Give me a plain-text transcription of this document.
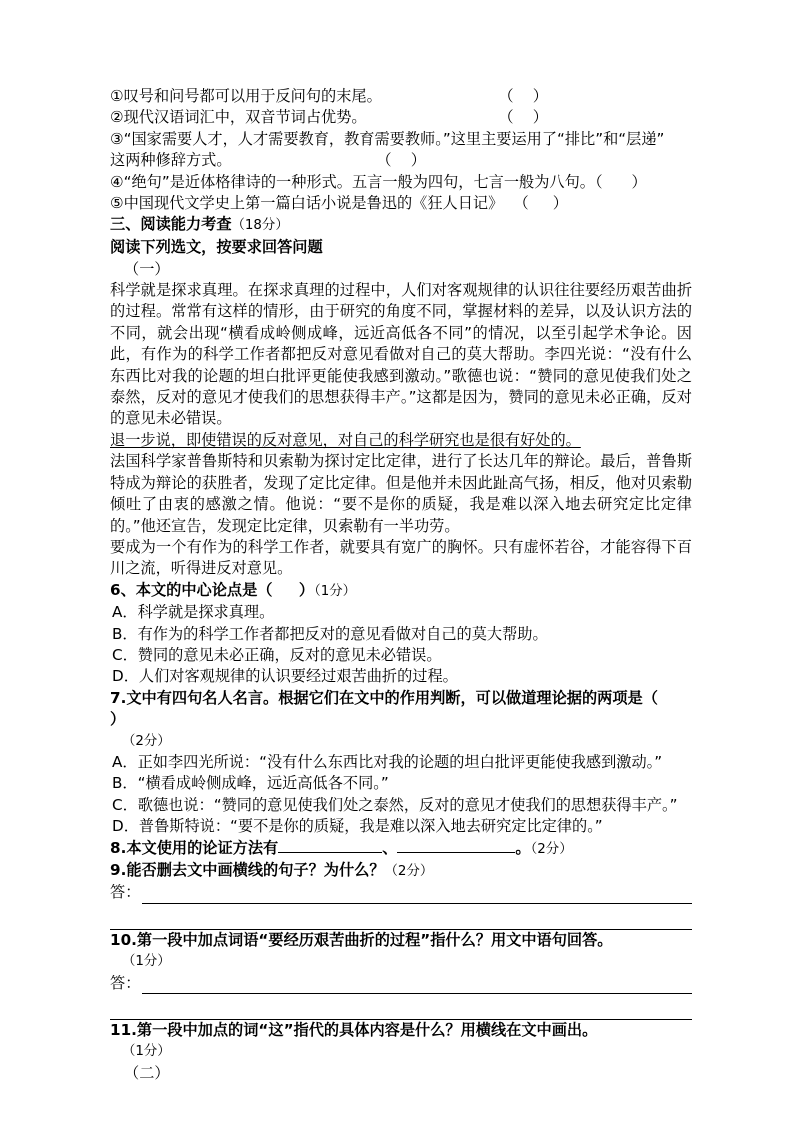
①叹号和问号都可以用于反问句的末尾。	（    ）
②现代汉语词汇中，双音节词占优势。	（    ）
③“国家需要人才，人才需要教育，教育需要教师。”这里主要运用了“排比”和“层递”
这两种修辞方式。	（    ）
④“绝句”是近体格律诗的一种形式。五言一般为四句，七言一般为八句。（      ）
⑤中国现代文学史上第一篇白话小说是鲁迅的《狂人日记》 （     ）
三、阅读能力考查（18分）
阅读下列选文，按要求回答问题
（一）
科学就是探求真理。在探求真理的过程中，人们对客观规律的认识往往要经历艰苦曲折的过程。常常有这样的情形，由于研究的角度不同，掌握材料的差异，以及认识方法的不同，就会出现“横看成岭侧成峰，远近高低各不同”的情况，以至引起学术争论。因此，有作为的科学工作者都把反对意见看做对自己的莫大帮助。李四光说：“没有什么东西比对我的论题的坦白批评更能使我感到激动。”歌德也说：“赞同的意见使我们处之泰然，反对的意见才使我们的思想获得丰产。”这都是因为，赞同的意见未必正确，反对的意见未必错误。
退一步说，即使错误的反对意见，对自己的科学研究也是很有好处的。
法国科学家普鲁斯特和贝索勒为探讨定比定律，进行了长达几年的辩论。最后，普鲁斯特成为辩论的获胜者，发现了定比定律。但是他并未因此趾高气扬，相反，他对贝索勒倾吐了由衷的感激之情。他说：“要不是你的质疑，我是难以深入地去研究定比定律的。”他还宣告，发现定比定律，贝索勒有一半功劳。
要成为一个有作为的科学工作者，就要具有宽广的胸怀。只有虚怀若谷，才能容得下百川之流，听得进反对意见。
6、本文的中心论点是（     ）（1分）
A．科学就是探求真理。
B．有作为的科学工作者都把反对的意见看做对自己的莫大帮助。
C．赞同的意见未必正确，反对的意见未必错误。
D．人们对客观规律的认识要经过艰苦曲折的过程。
7.文中有四句名人名言。根据它们在文中的作用判断，可以做道理论据的两项是（        ）
（2分）
A．正如李四光所说：“没有什么东西比对我的论题的坦白批评更能使我感到激动。”
B．“横看成岭侧成峰，远近高低各不同。”
C．歌德也说：“赞同的意见使我们处之泰然，反对的意见才使我们的思想获得丰产。”
D．普鲁斯特说：“要不是你的质疑，我是难以深入地去研究定比定律的。”
8.本文使用的论证方法有	、	。（2分）
9.能否删去文中画横线的句子？为什么？（2分）
答：
10.第一段中加点词语“要经历艰苦曲折的过程”指什么？用文中语句回答。
（1分）
答：
11.第一段中加点的词“这”指代的具体内容是什么？用横线在文中画出。
（1分）
（二）
